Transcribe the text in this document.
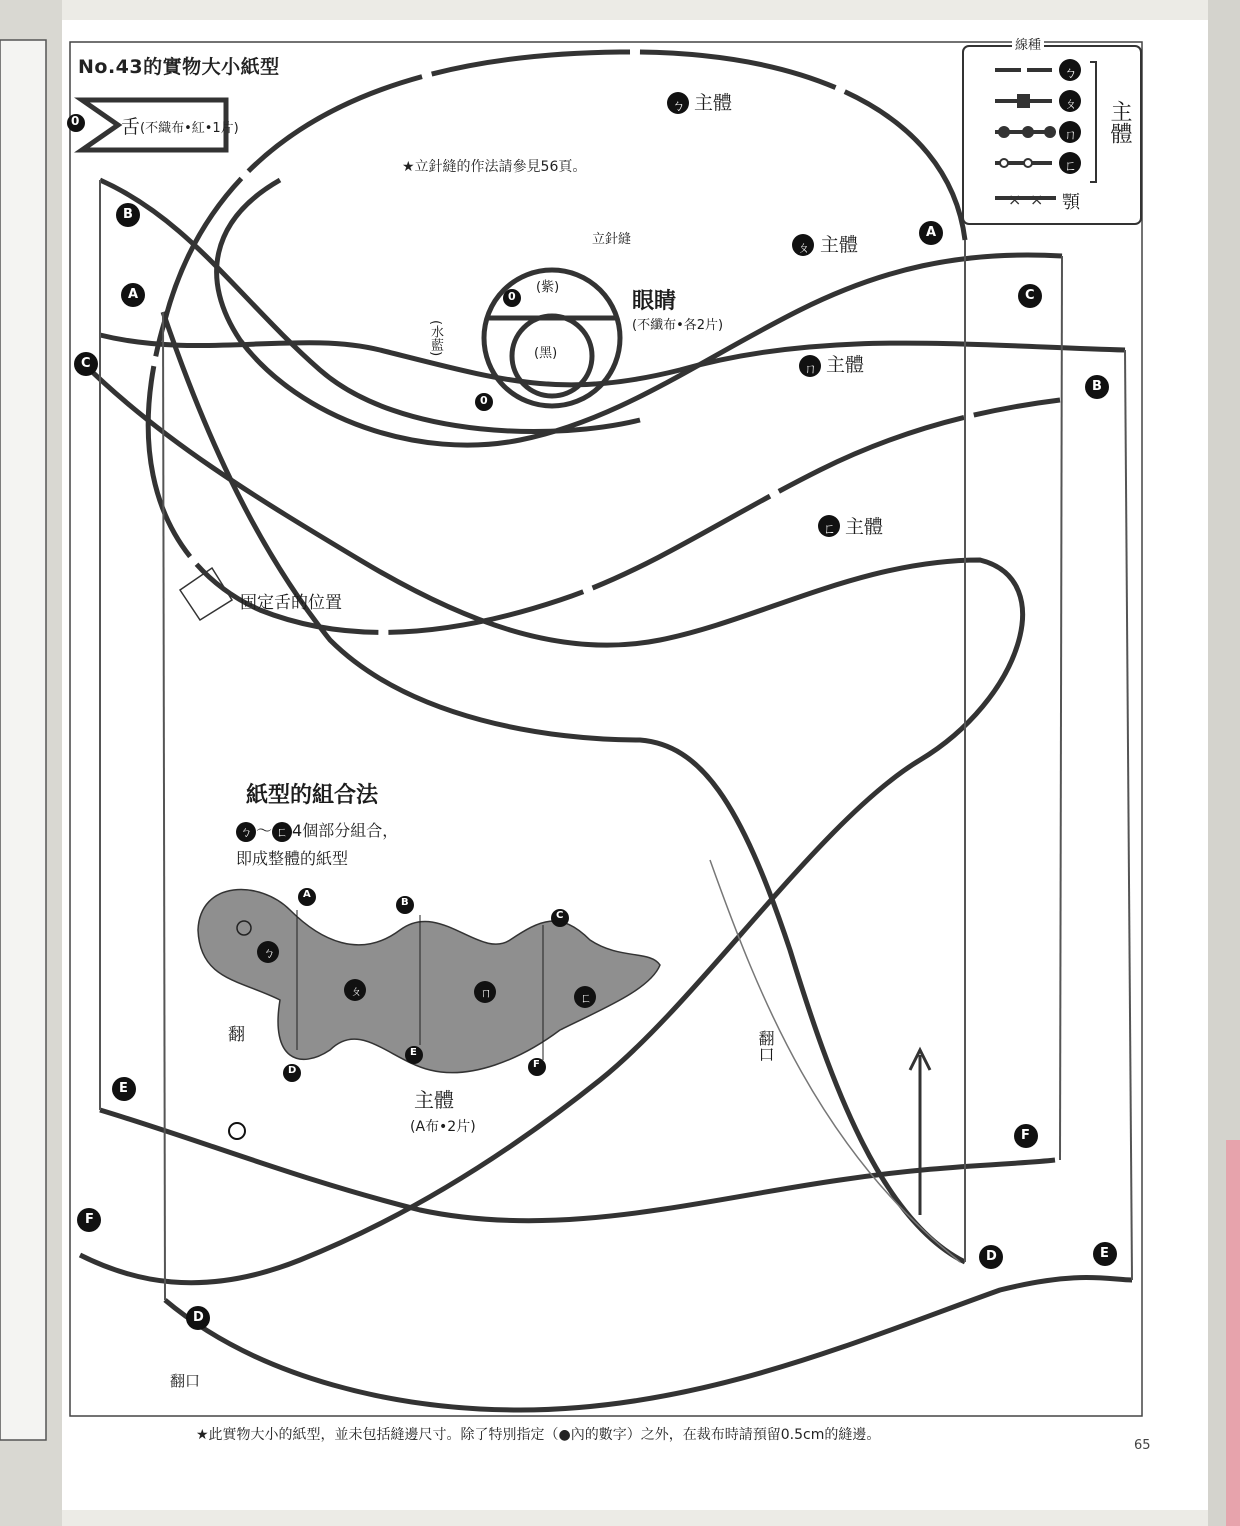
× ×
No.43的實物大小紙型
★立針縫的作法請參見56頁。
★此實物大小的紙型，並未包括縫邊尺寸。除了特別指定（●內的數字）之外，在裁布時請預留0.5cm的縫邊。
65
舌 (不織布•紅•1片)
0
立針縫
眼睛
(不纖布•各2片)
(紫)
(黑)
(水藍)
0
0
線種
ㄅ
ㄆ
ㄇ
ㄈ
主體
顎
ㄅ 主體
ㄆ 主體
ㄇ 主體
ㄈ 主體
固定舌的位置
翻口
翻口
翻
B
A
C
A
C
B
E
F
D
F
D	E
紙型的組合法
ㄅ ～ ㄈ 4個部分組合，
即成整體的紙型
主體
(A布•2片)
ㄅ
ㄆ	ㄇ	ㄈ
A
B
C
D
E
F
